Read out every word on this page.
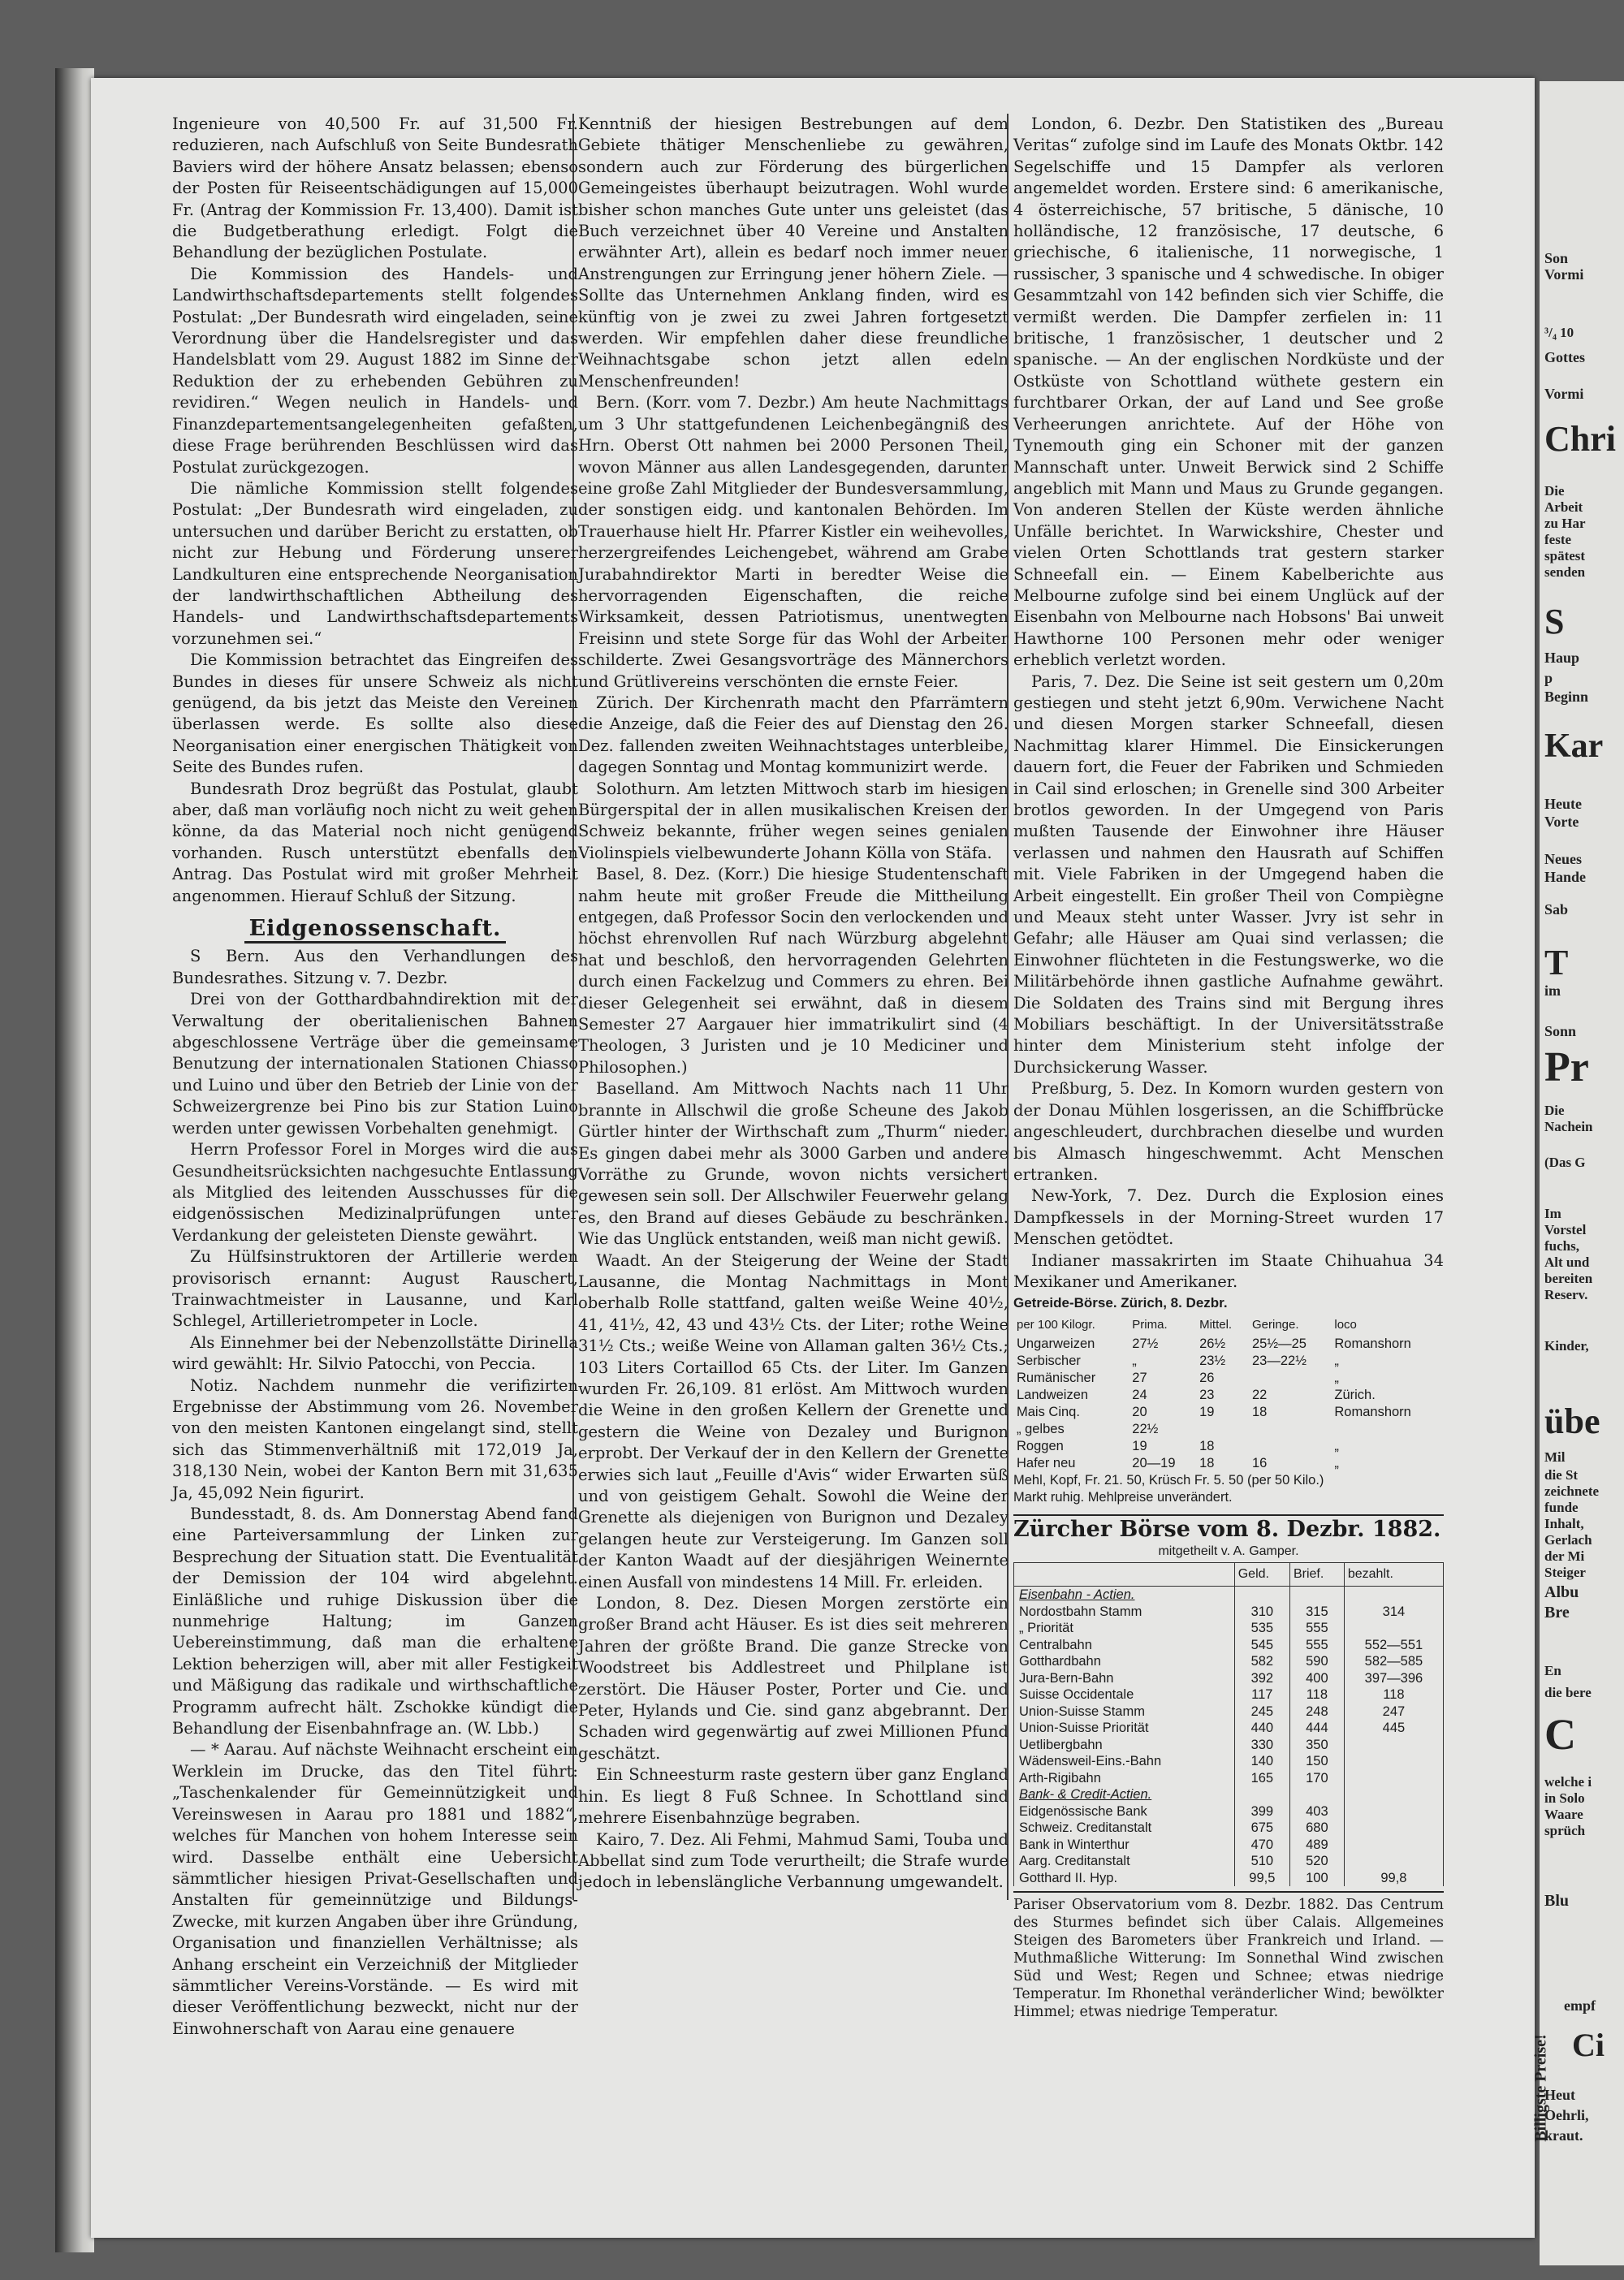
Ingenieure von 40,500 Fr. auf 31,500 Fr. reduzieren, nach Aufschluß von Seite Bundesrath Baviers wird der höhere Ansatz belassen; ebenso der Posten für Reiseentschädigungen auf 15,000 Fr. (Antrag der Kommission Fr. 13,400). Damit ist die Budgetberathung erledigt. Folgt die Behandlung der bezüglichen Postulate.

Die Kommission des Handels- und Landwirthschaftsdepartements stellt folgendes Postulat: „Der Bundesrath wird eingeladen, seine Verordnung über die Handelsregister und das Handelsblatt vom 29. August 1882 im Sinne der Reduktion der zu erhebenden Gebühren zu revidiren.“ Wegen neulich in Handels- und Finanzdepartementsangelegenheiten gefaßten, diese Frage berührenden Beschlüssen wird das Postulat zurückgezogen.

Die nämliche Kommission stellt folgendes Postulat: „Der Bundesrath wird eingeladen, zu untersuchen und darüber Bericht zu erstatten, ob nicht zur Hebung und Förderung unserer Landkulturen eine entsprechende Neorganisation der landwirthschaftlichen Abtheilung des Handels- und Landwirthschaftsdepartements vorzunehmen sei.“

Die Kommission betrachtet das Eingreifen des Bundes in dieses für unsere Schweiz als nicht genügend, da bis jetzt das Meiste den Vereinen überlassen werde. Es sollte also diese Neorganisation einer energischen Thätigkeit von Seite des Bundes rufen.

Bundesrath Droz begrüßt das Postulat, glaubt aber, daß man vorläufig noch nicht zu weit gehen könne, da das Material noch nicht genügend vorhanden. Rusch unterstützt ebenfalls den Antrag. Das Postulat wird mit großer Mehrheit angenommen. Hierauf Schluß der Sitzung.

Eidgenossenschaft.

S Bern. Aus den Verhandlungen des Bundesrathes. Sitzung v. 7. Dezbr.

Drei von der Gotthardbahndirektion mit der Verwaltung der oberitalienischen Bahnen abgeschlossene Verträge über die gemeinsame Benutzung der internationalen Stationen Chiasso und Luino und über den Betrieb der Linie von der Schweizergrenze bei Pino bis zur Station Luino werden unter gewissen Vorbehalten genehmigt.

Herrn Professor Forel in Morges wird die aus Gesundheitsrücksichten nachgesuchte Entlassung als Mitglied des leitenden Ausschusses für die eidgenössischen Medizinalprüfungen unter Verdankung der geleisteten Dienste gewährt.

Zu Hülfsinstruktoren der Artillerie werden provisorisch ernannt: August Rauschert, Trainwachtmeister in Lausanne, und Karl Schlegel, Artillerietrompeter in Locle.

Als Einnehmer bei der Nebenzollstätte Dirinella wird gewählt: Hr. Silvio Patocchi, von Peccia.

Notiz. Nachdem nunmehr die verifizirten Ergebnisse der Abstimmung vom 26. November von den meisten Kantonen eingelangt sind, stellt sich das Stimmenverhältniß mit 172,019 Ja, 318,130 Nein, wobei der Kanton Bern mit 31,635 Ja, 45,092 Nein figurirt.

Bundesstadt, 8. ds. Am Donnerstag Abend fand eine Parteiversammlung der Linken zur Besprechung der Situation statt. Die Eventualität der Demission der 104 wird abgelehnt. Einläßliche und ruhige Diskussion über die nunmehrige Haltung; im Ganzen Uebereinstimmung, daß man die erhaltene Lektion beherzigen will, aber mit aller Festigkeit und Mäßigung das radikale und wirthschaftliche Programm aufrecht hält. Zschokke kündigt die Behandlung der Eisenbahnfrage an. (W. Lbb.)

— * Aarau. Auf nächste Weihnacht erscheint ein Werklein im Drucke, das den Titel führt: „Taschenkalender für Gemeinnützigkeit und Vereinswesen in Aarau pro 1881 und 1882“, welches für Manchen von hohem Interesse sein wird. Dasselbe enthält eine Uebersicht sämmtlicher hiesigen Privat-Gesellschaften und Anstalten für gemeinnützige und Bildungs-Zwecke, mit kurzen Angaben über ihre Gründung, Organisation und finanziellen Verhältnisse; als Anhang erscheint ein Verzeichniß der Mitglieder sämmtlicher Vereins-Vorstände. — Es wird mit dieser Veröffentlichung bezweckt, nicht nur der Einwohnerschaft von Aarau eine genauere

Kenntniß der hiesigen Bestrebungen auf dem Gebiete thätiger Menschenliebe zu gewähren, sondern auch zur Förderung des bürgerlichen Gemeingeistes überhaupt beizutragen. Wohl wurde bisher schon manches Gute unter uns geleistet (das Buch verzeichnet über 40 Vereine und Anstalten erwähnter Art), allein es bedarf noch immer neuer Anstrengungen zur Erringung jener höhern Ziele. — Sollte das Unternehmen Anklang finden, wird es künftig von je zwei zu zwei Jahren fortgesetzt werden. Wir empfehlen daher diese freundliche Weihnachtsgabe schon jetzt allen edeln Menschenfreunden!

Bern. (Korr. vom 7. Dezbr.) Am heute Nachmittags um 3 Uhr stattgefundenen Leichenbegängniß des Hrn. Oberst Ott nahmen bei 2000 Personen Theil, wovon Männer aus allen Landesgegenden, darunter eine große Zahl Mitglieder der Bundesversammlung, der sonstigen eidg. und kantonalen Behörden. Im Trauerhause hielt Hr. Pfarrer Kistler ein weihevolles, herzergreifendes Leichengebet, während am Grabe Jurabahndirektor Marti in beredter Weise die hervorragenden Eigenschaften, die reiche Wirksamkeit, dessen Patriotismus, unentwegten Freisinn und stete Sorge für das Wohl der Arbeiter schilderte. Zwei Gesangsvorträge des Männerchors und Grütlivereins verschönten die ernste Feier.

Zürich. Der Kirchenrath macht den Pfarrämtern die Anzeige, daß die Feier des auf Dienstag den 26. Dez. fallenden zweiten Weihnachtstages unterbleibe, dagegen Sonntag und Montag kommunizirt werde.

Solothurn. Am letzten Mittwoch starb im hiesigen Bürgerspital der in allen musikalischen Kreisen der Schweiz bekannte, früher wegen seines genialen Violinspiels vielbewunderte Johann Kölla von Stäfa.

Basel, 8. Dez. (Korr.) Die hiesige Studentenschaft nahm heute mit großer Freude die Mittheilung entgegen, daß Professor Socin den verlockenden und höchst ehrenvollen Ruf nach Würzburg abgelehnt hat und beschloß, den hervorragenden Gelehrten durch einen Fackelzug und Commers zu ehren. Bei dieser Gelegenheit sei erwähnt, daß in diesem Semester 27 Aargauer hier immatrikulirt sind (4 Theologen, 3 Juristen und je 10 Mediciner und Philosophen.)

Baselland. Am Mittwoch Nachts nach 11 Uhr brannte in Allschwil die große Scheune des Jakob Gürtler hinter der Wirthschaft zum „Thurm“ nieder. Es gingen dabei mehr als 3000 Garben und andere Vorräthe zu Grunde, wovon nichts versichert gewesen sein soll. Der Allschwiler Feuerwehr gelang es, den Brand auf dieses Gebäude zu beschränken. Wie das Unglück entstanden, weiß man nicht gewiß.

Waadt. An der Steigerung der Weine der Stadt Lausanne, die Montag Nachmittags in Mont oberhalb Rolle stattfand, galten weiße Weine 40½, 41, 41½, 42, 43 und 43½ Cts. der Liter; rothe Weine 31½ Cts.; weiße Weine von Allaman galten 36½ Cts.; 103 Liters Cortaillod 65 Cts. der Liter. Im Ganzen wurden Fr. 26,109. 81 erlöst. Am Mittwoch wurden die Weine in den großen Kellern der Grenette und gestern die Weine von Dezaley und Burignon erprobt. Der Verkauf der in den Kellern der Grenette erwies sich laut „Feuille d'Avis“ wider Erwarten süß und von geistigem Gehalt. Sowohl die Weine der Grenette als diejenigen von Burignon und Dezaley gelangen heute zur Versteigerung. Im Ganzen soll der Kanton Waadt auf der diesjährigen Weinernte einen Ausfall von mindestens 14 Mill. Fr. erleiden.

London, 8. Dez. Diesen Morgen zerstörte ein großer Brand acht Häuser. Es ist dies seit mehreren Jahren der größte Brand. Die ganze Strecke von Woodstreet bis Addlestreet und Philplane ist zerstört. Die Häuser Poster, Porter und Cie. und Peter, Hylands und Cie. sind ganz abgebrannt. Der Schaden wird gegenwärtig auf zwei Millionen Pfund geschätzt.

Ein Schneesturm raste gestern über ganz England hin. Es liegt 8 Fuß Schnee. In Schottland sind mehrere Eisenbahnzüge begraben.

Kairo, 7. Dez. Ali Fehmi, Mahmud Sami, Touba und Abbellat sind zum Tode verurtheilt; die Strafe wurde jedoch in lebenslängliche Verbannung umgewandelt.

London, 6. Dezbr. Den Statistiken des „Bureau Veritas“ zufolge sind im Laufe des Monats Oktbr. 142 Segelschiffe und 15 Dampfer als verloren angemeldet worden. Erstere sind: 6 amerikanische, 4 österreichische, 57 britische, 5 dänische, 10 holländische, 12 französische, 17 deutsche, 6 griechische, 6 italienische, 11 norwegische, 1 russischer, 3 spanische und 4 schwedische. In obiger Gesammtzahl von 142 befinden sich vier Schiffe, die vermißt werden. Die Dampfer zerfielen in: 11 britische, 1 französischer, 1 deutscher und 2 spanische. — An der englischen Nordküste und der Ostküste von Schottland wüthete gestern ein furchtbarer Orkan, der auf Land und See große Verheerungen anrichtete. Auf der Höhe von Tynemouth ging ein Schoner mit der ganzen Mannschaft unter. Unweit Berwick sind 2 Schiffe angeblich mit Mann und Maus zu Grunde gegangen. Von anderen Stellen der Küste werden ähnliche Unfälle berichtet. In Warwickshire, Chester und vielen Orten Schottlands trat gestern starker Schneefall ein. — Einem Kabelberichte aus Melbourne zufolge sind bei einem Unglück auf der Eisenbahn von Melbourne nach Hobsons' Bai unweit Hawthorne 100 Personen mehr oder weniger erheblich verletzt worden.

Paris, 7. Dez. Die Seine ist seit gestern um 0,20m gestiegen und steht jetzt 6,90m. Verwichene Nacht und diesen Morgen starker Schneefall, diesen Nachmittag klarer Himmel. Die Einsickerungen dauern fort, die Feuer der Fabriken und Schmieden in Cail sind erloschen; in Grenelle sind 300 Arbeiter brotlos geworden. In der Umgegend von Paris mußten Tausende der Einwohner ihre Häuser verlassen und nahmen den Hausrath auf Schiffen mit. Viele Fabriken in der Umgegend haben die Arbeit eingestellt. Ein großer Theil von Compiègne und Meaux steht unter Wasser. Jvry ist sehr in Gefahr; alle Häuser am Quai sind verlassen; die Einwohner flüchteten in die Festungswerke, wo die Militärbehörde ihnen gastliche Aufnahme gewährt. Die Soldaten des Trains sind mit Bergung ihres Mobiliars beschäftigt. In der Universitätsstraße hinter dem Ministerium steht infolge der Durchsickerung Wasser.

Preßburg, 5. Dez. In Komorn wurden gestern von der Donau Mühlen losgerissen, an die Schiffbrücke angeschleudert, durchbrachen dieselbe und wurden bis Almasch hingeschwemmt. Acht Menschen ertranken.

New-York, 7. Dez. Durch die Explosion eines Dampfkessels in der Morning-Street wurden 17 Menschen getödtet.

Indianer massakrirten im Staate Chihuahua 34 Mexikaner und Amerikaner.

Getreide-Börse. Zürich, 8. Dezbr.
per 100 Kilogr.	Prima.	Mittel.	Geringe.	loco
Ungarweizen	27½	26½	25½—25	Romanshorn
Serbischer	„	23½	23—22½	„
Rumänischer	27	26		„
Landweizen	24	23	22	Zürich.
Mais Cinq.	20	19	18	Romanshorn
„ gelbes	22½			
Roggen	19	18		„
Hafer neu	20—19	18	16	„
Mehl, Kopf, Fr. 21. 50, Krüsch Fr. 5. 50 (per 50 Kilo.)
Markt ruhig. Mehlpreise unverändert.
Zürcher Börse vom 8. Dezbr. 1882.
mitgetheilt v. A. Gamper.
	Geld.	Brief.	bezahlt.
Eisenbahn - Actien.			
Nordostbahn Stamm	310	315	314
„ Priorität	535	555	
Centralbahn	545	555	552—551
Gotthardbahn	582	590	582—585
Jura-Bern-Bahn	392	400	397—396
Suisse Occidentale	117	118	118
Union-Suisse Stamm	245	248	247
Union-Suisse Priorität	440	444	445
Uetlibergbahn	330	350	
Wädensweil-Eins.-Bahn	140	150	
Arth-Rigibahn	165	170	
Bank- & Credit-Actien.			
Eidgenössische Bank	399	403	
Schweiz. Creditanstalt	675	680	
Bank in Winterthur	470	489	
Aarg. Creditanstalt	510	520	
Gotthard II. Hyp.	99,5	100	99,8
Pariser Observatorium vom 8. Dezbr. 1882. Das Centrum des Sturmes befindet sich über Calais. Allgemeines Steigen des Barometers über Frankreich und Irland. — Muthmaßliche Witterung: Im Sonnethal Wind zwischen Süd und West; Regen und Schnee; etwas niedrige Temperatur. Im Rhonethal veränderlicher Wind; bewölkter Himmel; etwas niedrige Temperatur.
Son
Vormi
³/₄ 10
Gottes
Vormi
Chri
Die
Arbeit
zu Har
feste
spätest
senden
S
Haup
p
Beginn
Kar
Heute
Vorte
Neues
Hande
Sab
T
im
Sonn
Pr
Die
Nachein
(Das G
Im
Vorstel
fuchs,
Alt und
bereiten
Reserv.
Kinder,
übe
Mil
die St
zeichnete
funde
Inhalt,
Gerlach
der Mi
Steiger
Albu
Bre
En
die bere
C
welche i
in Solo
Waare
sprüch
Blu
Billigste Preise!
empf
Ci
Heut
Oehrli,
kraut.
